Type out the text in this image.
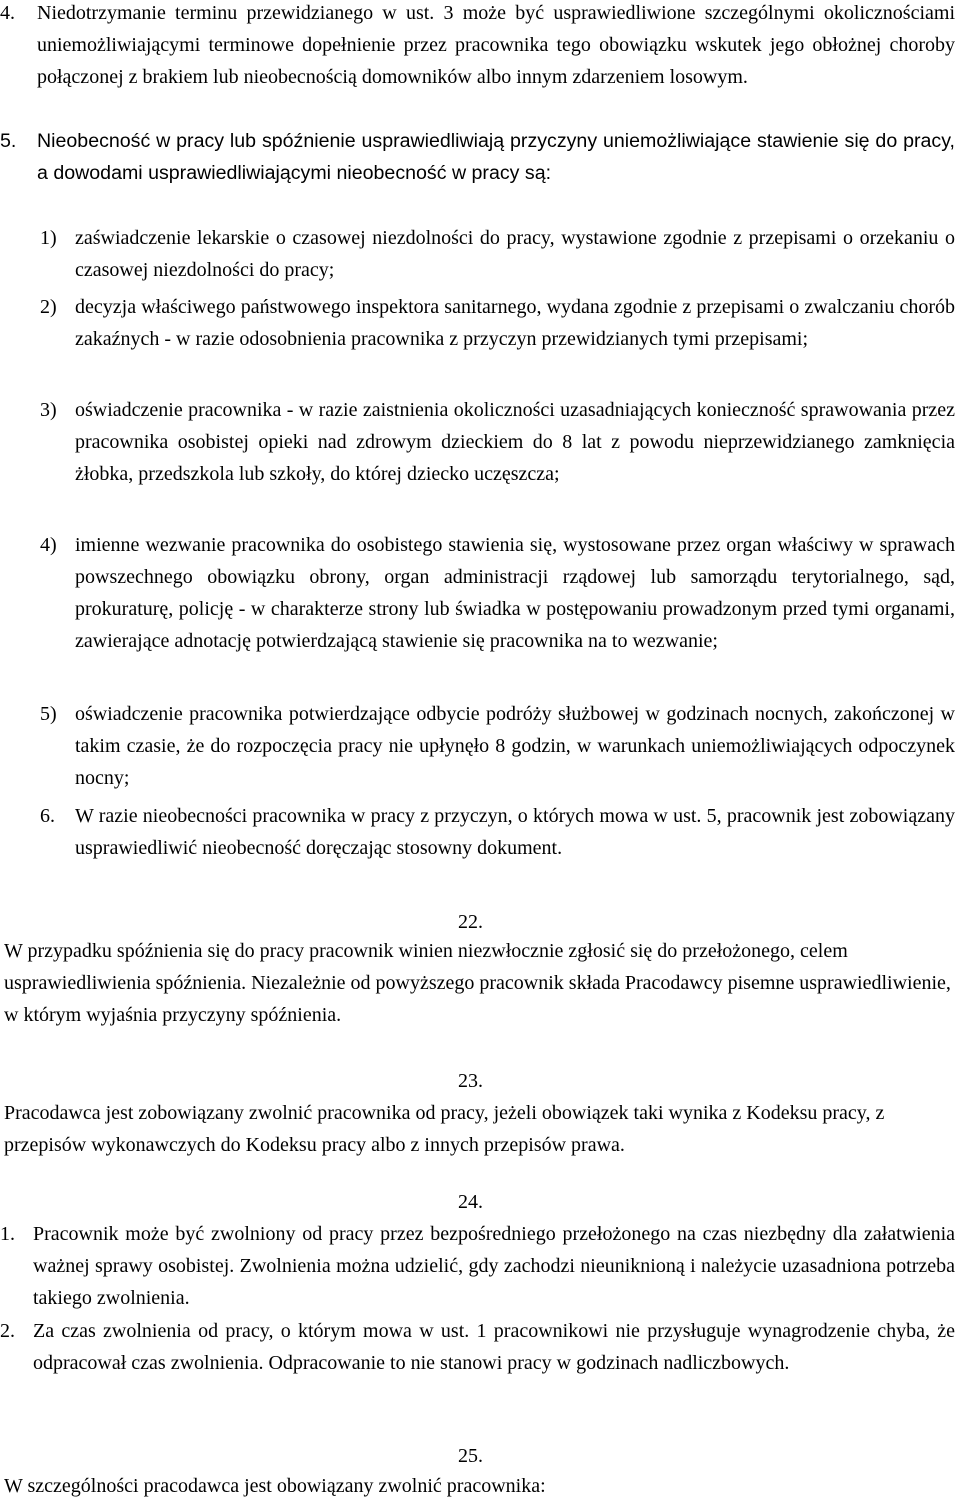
4.	Niedotrzymanie terminu przewidzianego w ust. 3 może być usprawiedliwione szczególnymi okolicznościami uniemożliwiającymi terminowe dopełnienie przez pracownika tego obowiązku wskutek jego obłożnej choroby połączonej z brakiem lub nieobecnością domowników albo innym zdarzeniem losowym.
5.	Nieobecność w pracy lub spóźnienie usprawiedliwiają przyczyny uniemożliwiające stawienie się do pracy, a dowodami usprawiedliwiającymi nieobecność w pracy są:
1) zaświadczenie lekarskie o czasowej niezdolności do pracy, wystawione zgodnie z przepisami o orzekaniu o czasowej niezdolności do pracy;
2) decyzja właściwego państwowego inspektora sanitarnego, wydana zgodnie z przepisami o zwalczaniu chorób zakaźnych - w razie odosobnienia pracownika z przyczyn przewidzianych tymi przepisami;
3) oświadczenie pracownika - w razie zaistnienia okoliczności uzasadniających konieczność sprawowania przez pracownika osobistej opieki nad zdrowym dzieckiem do 8 lat z powodu nieprzewidzianego zamknięcia żłobka, przedszkola lub szkoły, do której dziecko uczęszcza;
4) imienne wezwanie pracownika do osobistego stawienia się, wystosowane przez organ właściwy w sprawach powszechnego obowiązku obrony, organ administracji rządowej lub samorządu terytorialnego, sąd, prokuraturę, policję - w charakterze strony lub świadka w postępowaniu prowadzonym przed tymi organami, zawierające adnotację potwierdzającą stawienie się pracownika na to wezwanie;
5) oświadczenie pracownika potwierdzające odbycie podróży służbowej w godzinach nocnych, zakończonej w takim czasie, że do rozpoczęcia pracy nie upłynęło 8 godzin, w warunkach uniemożliwiających odpoczynek nocny;
6.	W razie nieobecności pracownika w pracy z przyczyn, o których mowa w ust. 5, pracownik jest zobowiązany usprawiedliwić nieobecność doręczając stosowny dokument.
22.
W przypadku spóźnienia się do pracy pracownik winien niezwłocznie zgłosić się do przełożonego, celem usprawiedliwienia spóźnienia. Niezależnie od powyższego pracownik składa Pracodawcy pisemne usprawiedliwienie, w którym wyjaśnia przyczyny spóźnienia.
23.
Pracodawca jest zobowiązany zwolnić pracownika od pracy, jeżeli obowiązek taki wynika z Kodeksu pracy, z przepisów wykonawczych do Kodeksu pracy albo z innych przepisów prawa.
24.
1. Pracownik może być zwolniony od pracy przez bezpośredniego przełożonego na czas niezbędny dla załatwienia ważnej sprawy osobistej. Zwolnienia można udzielić, gdy zachodzi nieuniknioną i należycie uzasadniona potrzeba takiego zwolnienia.
2. Za czas zwolnienia od pracy, o którym mowa w ust. 1 pracownikowi nie przysługuje wynagrodzenie chyba, że odpracował czas zwolnienia. Odpracowanie to nie stanowi pracy w godzinach nadliczbowych.
25.
W szczególności pracodawca jest obowiązany zwolnić pracownika:
